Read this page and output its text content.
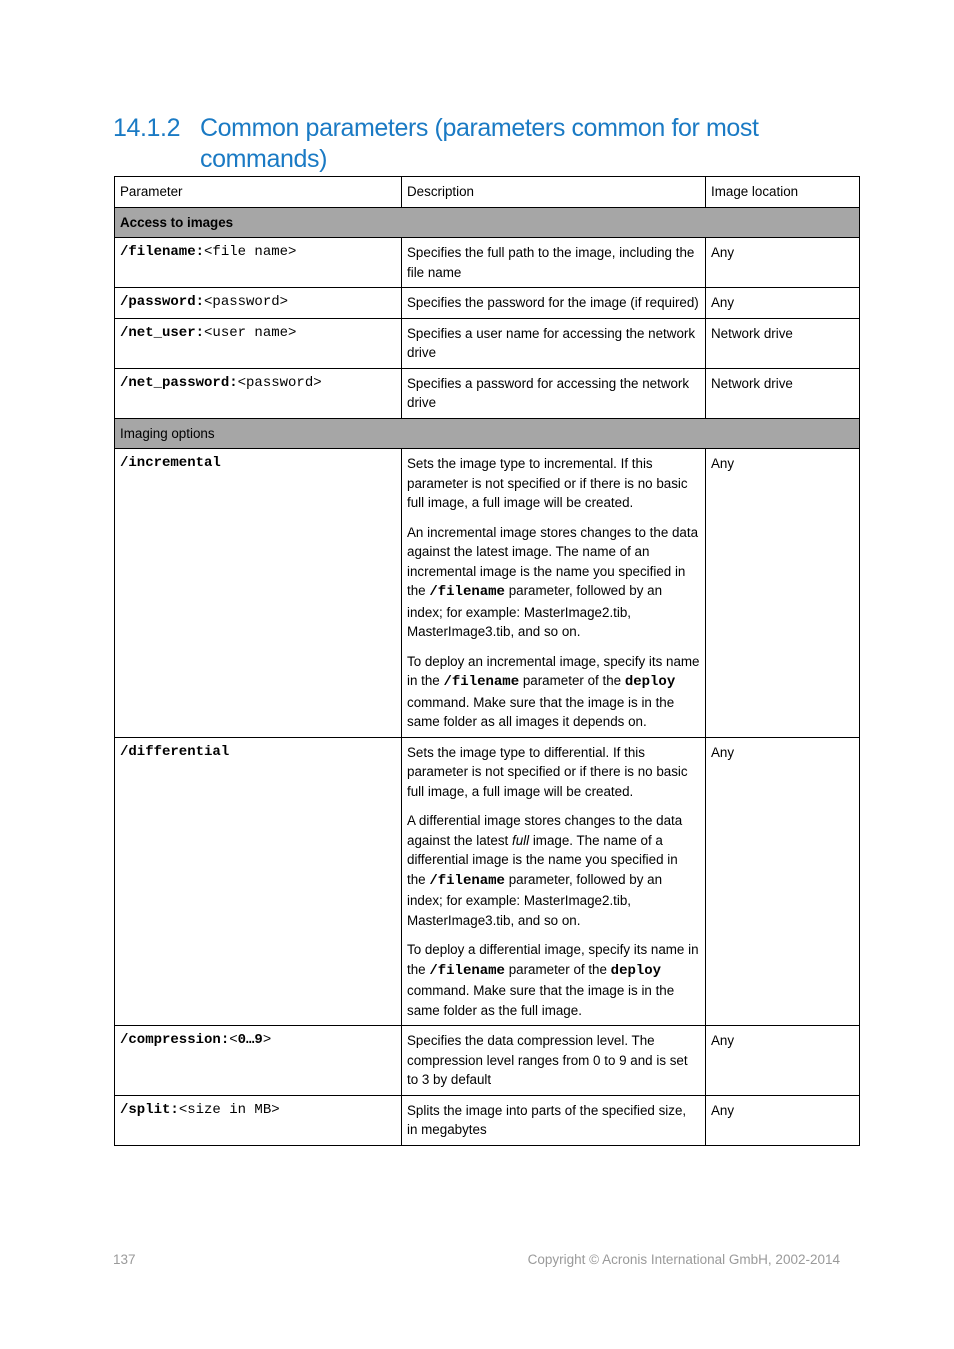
14.1.2 Common parameters (parameters common for most commands)
Parameter	Description	Image location
Access to images		
/filename:<file name>	Specifies the full path to the image, including the file name	Any
/password:<password>	Specifies the password for the image (if required)	Any
/net_user:<user name>	Specifies a user name for accessing the network drive	Network drive
/net_password:<password>	Specifies a password for accessing the network drive	Network drive
Imaging options		
/incremental	Sets the image type to incremental. If this parameter is not specified or if there is no basic full image, a full image will be created.

An incremental image stores changes to the data against the latest image. The name of an incremental image is the name you specified in the /filename parameter, followed by an index; for example: MasterImage2.tib, MasterImage3.tib, and so on.

To deploy an incremental image, specify its name in the /filename parameter of the deploy command. Make sure that the image is in the same folder as all images it depends on.	Any
/differential	Sets the image type to differential. If this parameter is not specified or if there is no basic full image, a full image will be created.

A differential image stores changes to the data against the latest full image. The name of a differential image is the name you specified in the /filename parameter, followed by an index; for example: MasterImage2.tib, MasterImage3.tib, and so on.

To deploy a differential image, specify its name in the /filename parameter of the deploy command. Make sure that the image is in the same folder as the full image.	Any
/compression:<0…9>	Specifies the data compression level. The compression level ranges from 0 to 9 and is set to 3 by default	Any
/split:<size in MB>	Splits the image into parts of the specified size, in megabytes	Any
137	Copyright © Acronis International GmbH, 2002-2014
